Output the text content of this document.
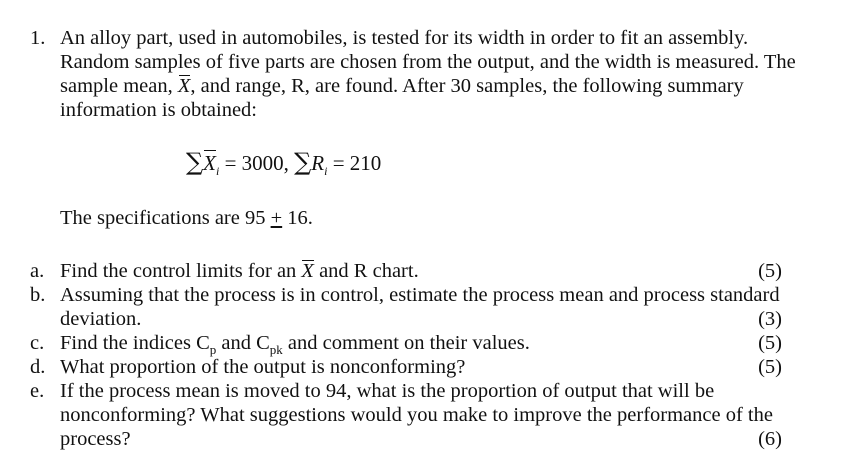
1. An alloy part, used in automobiles, is tested for its width in order to fit an assembly.
Random samples of five parts are chosen from the output, and the width is measured. The
sample mean, X, and range, R, are found. After 30 samples, the following summary
information is obtained:
$\sum X_i = 3000$, $\sum R_i = 210$
The specifications are 95 + 16.
a. Find the control limits for an X and R chart.	(5)
b. Assuming that the process is in control, estimate the process mean and process standard
deviation.	(3)
c. Find the indices $C_p$ and $C_{pk}$ and comment on their values.	(5)
d. What proportion of the output is nonconforming?	(5)
e. If the process mean is moved to 94, what is the proportion of output that will be
nonconforming? What suggestions would you make to improve the performance of the
process?	(6)
